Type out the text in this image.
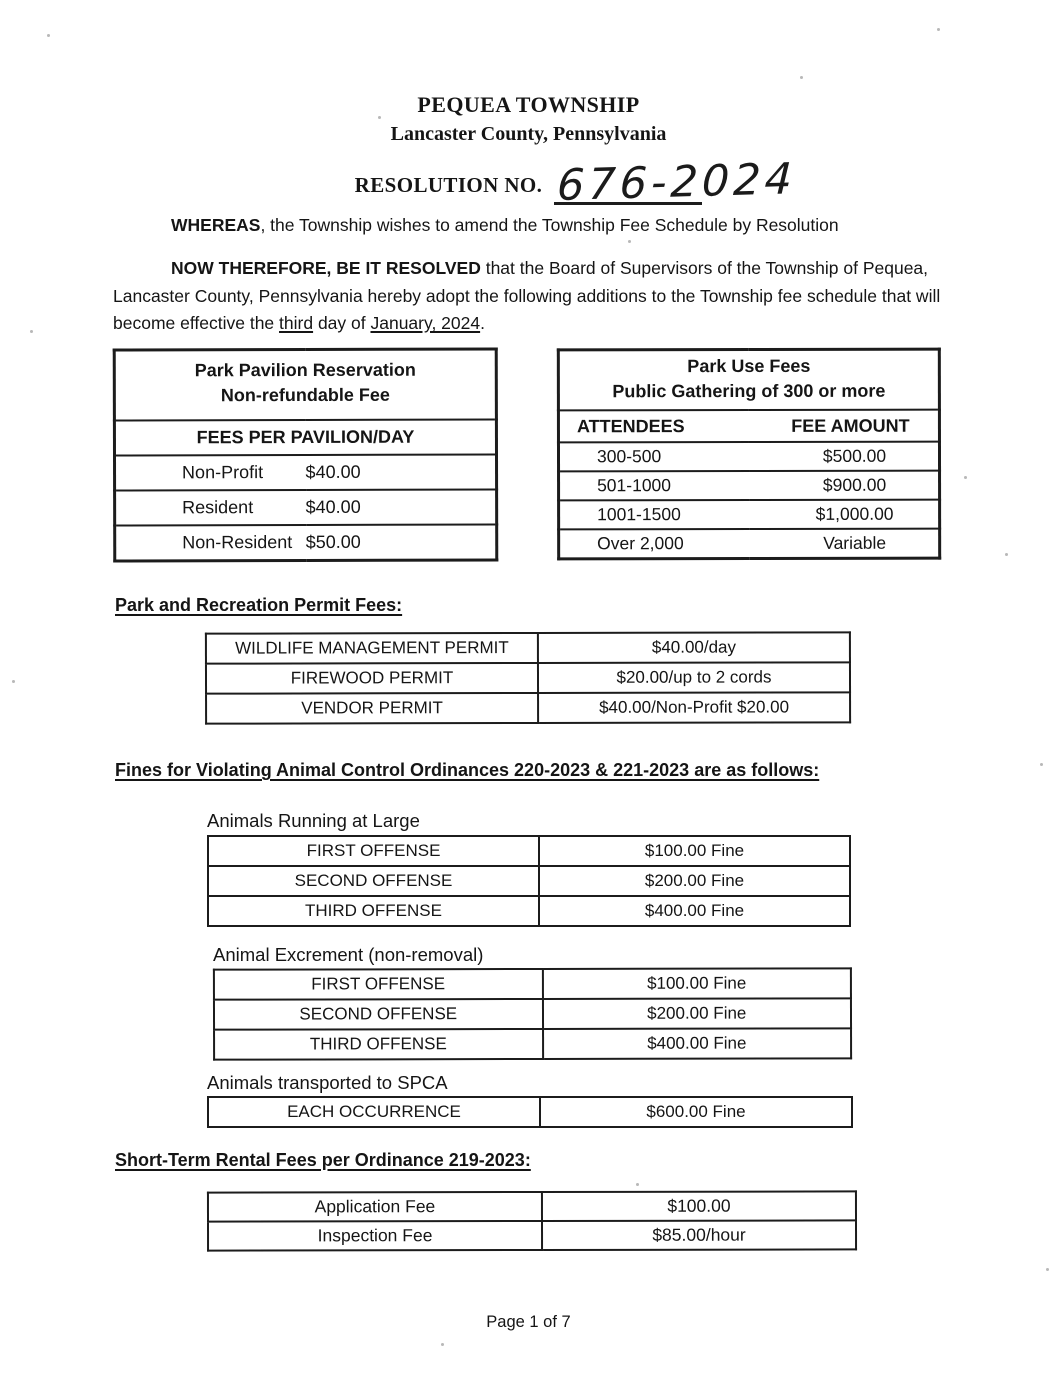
PEQUEA TOWNSHIP
Lancaster County, Pennsylvania
RESOLUTION NO. 676-2024

WHEREAS, the Township wishes to amend the Township Fee Schedule by Resolution

NOW THEREFORE, BE IT RESOLVED that the Board of Supervisors of the Township of Pequea, Lancaster County, Pennsylvania hereby adopt the following additions to the Township fee schedule that will become effective the third day of January, 2024.

Park Pavilion Reservation
Non-refundable Fee	

FEES PER PAVILION/DAY	
Non-Profit	$40.00
Resident	$40.00
Non-Resident	$50.00
Park Use Fees
Public Gathering of 300 or more	

ATTENDEES	FEE AMOUNT
300-500	$500.00
501-1000	$900.00
1001-1500	$1,000.00
Over 2,000	Variable
Park and Recreation Permit Fees:
WILDLIFE MANAGEMENT PERMIT	$40.00/day
FIREWOOD PERMIT	$20.00/up to 2 cords
VENDOR PERMIT	$40.00/Non-Profit $20.00
Fines for Violating Animal Control Ordinances 220-2023 & 221-2023 are as follows:
Animals Running at Large
FIRST OFFENSE	$100.00 Fine
SECOND OFFENSE	$200.00 Fine
THIRD OFFENSE	$400.00 Fine
Animal Excrement (non-removal)
FIRST OFFENSE	$100.00 Fine
SECOND OFFENSE	$200.00 Fine
THIRD OFFENSE	$400.00 Fine
Animals transported to SPCA
EACH OCCURRENCE	$600.00 Fine
Short-Term Rental Fees per Ordinance 219-2023:
Application Fee	$100.00
Inspection Fee	$85.00/hour
Page 1 of 7
